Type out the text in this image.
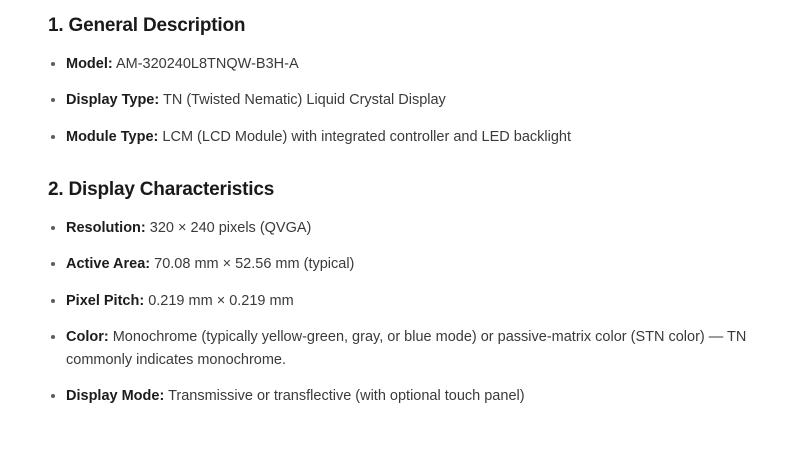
1. General Description
Model: AM-320240L8TNQW-B3H-A
Display Type: TN (Twisted Nematic) Liquid Crystal Display
Module Type: LCM (LCD Module) with integrated controller and LED backlight
2. Display Characteristics
Resolution: 320 × 240 pixels (QVGA)
Active Area: 70.08 mm × 52.56 mm (typical)
Pixel Pitch: 0.219 mm × 0.219 mm
Color: Monochrome (typically yellow-green, gray, or blue mode) or passive-matrix color (STN color) — TN commonly indicates monochrome.
Display Mode: Transmissive or transflective (with optional touch panel)
